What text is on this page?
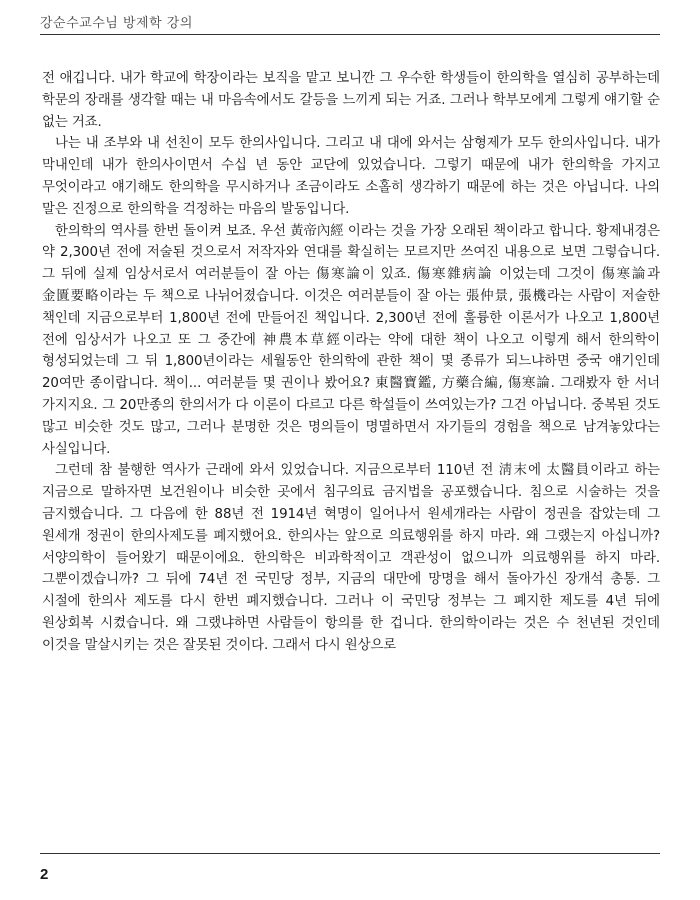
강순수교수님 방제학 강의

전 애깁니다. 내가 학교에 학장이라는 보직을 맡고 보니깐 그 우수한 학생들이 한의학을 열심히 공부하는데 학문의 장래를 생각할 때는 내 마음속에서도 갈등을 느끼게 되는 거죠. 그러나 학부모에게 그렇게 얘기할 순 없는 거죠.

나는 내 조부와 내 선친이 모두 한의사입니다. 그리고 내 대에 와서는 삼형제가 모두 한의사입니다. 내가 막내인데 내가 한의사이면서 수십 년 동안 교단에 있었습니다. 그렇기 때문에 내가 한의학을 가지고 무엇이라고 얘기해도 한의학을 무시하거나 조금이라도 소홀히 생각하기 때문에 하는 것은 아닙니다. 나의 말은 진정으로 한의학을 걱정하는 마음의 발동입니다.

한의학의 역사를 한번 돌이켜 보죠. 우선 黃帝內經 이라는 것을 가장 오래된 책이라고 합니다. 황제내경은 약 2,300년 전에 저술된 것으로서 저작자와 연대를 확실히는 모르지만 쓰여진 내용으로 보면 그렇습니다. 그 뒤에 실제 임상서로서 여러분들이 잘 아는 傷寒論이 있죠. 傷寒雜病論 이었는데 그것이 傷寒論과 金匱要略이라는 두 책으로 나뉘어졌습니다. 이것은 여러분들이 잘 아는 張仲景, 張機라는 사람이 저술한 책인데 지금으로부터 1,800년 전에 만들어진 책입니다. 2,300년 전에 훌륭한 이론서가 나오고 1,800년 전에 임상서가 나오고 또 그 중간에 神農本草經이라는 약에 대한 책이 나오고 이렇게 해서 한의학이 형성되었는데 그 뒤 1,800년이라는 세월동안 한의학에 관한 책이 몇 종류가 되느냐하면 중국 얘기인데 20여만 종이랍니다. 책이... 여러분들 몇 권이나 봤어요? 東醫寶鑑, 方藥合編, 傷寒論. 그래봤자 한 서너 가지지요. 그 20만종의 한의서가 다 이론이 다르고 다른 학설들이 쓰여있는가? 그건 아닙니다. 중복된 것도 많고 비슷한 것도 많고, 그러나 분명한 것은 명의들이 명멸하면서 자기들의 경험을 책으로 남겨놓았다는 사실입니다.

그런데 참 불행한 역사가 근래에 와서 있었습니다. 지금으로부터 110년 전 淸末에 太醫員이라고 하는 지금으로 말하자면 보건원이나 비슷한 곳에서 침구의료 금지법을 공포했습니다. 침으로 시술하는 것을 금지했습니다. 그 다음에 한 88년 전 1914년 혁명이 일어나서 원세개라는 사람이 정권을 잡았는데 그 원세개 정권이 한의사제도를 폐지했어요. 한의사는 앞으로 의료행위를 하지 마라. 왜 그랬는지 아십니까? 서양의학이 들어왔기 때문이에요. 한의학은 비과학적이고 객관성이 없으니까 의료행위를 하지 마라. 그뿐이겠습니까? 그 뒤에 74년 전 국민당 정부, 지금의 대만에 망명을 해서 돌아가신 장개석 총통. 그 시절에 한의사 제도를 다시 한번 폐지했습니다. 그러나 이 국민당 정부는 그 폐지한 제도를 4년 뒤에 원상회복 시켰습니다. 왜 그랬냐하면 사람들이 항의를 한 겁니다. 한의학이라는 것은 수 천년된 것인데 이것을 말살시키는 것은 잘못된 것이다. 그래서 다시 원상으로

2
